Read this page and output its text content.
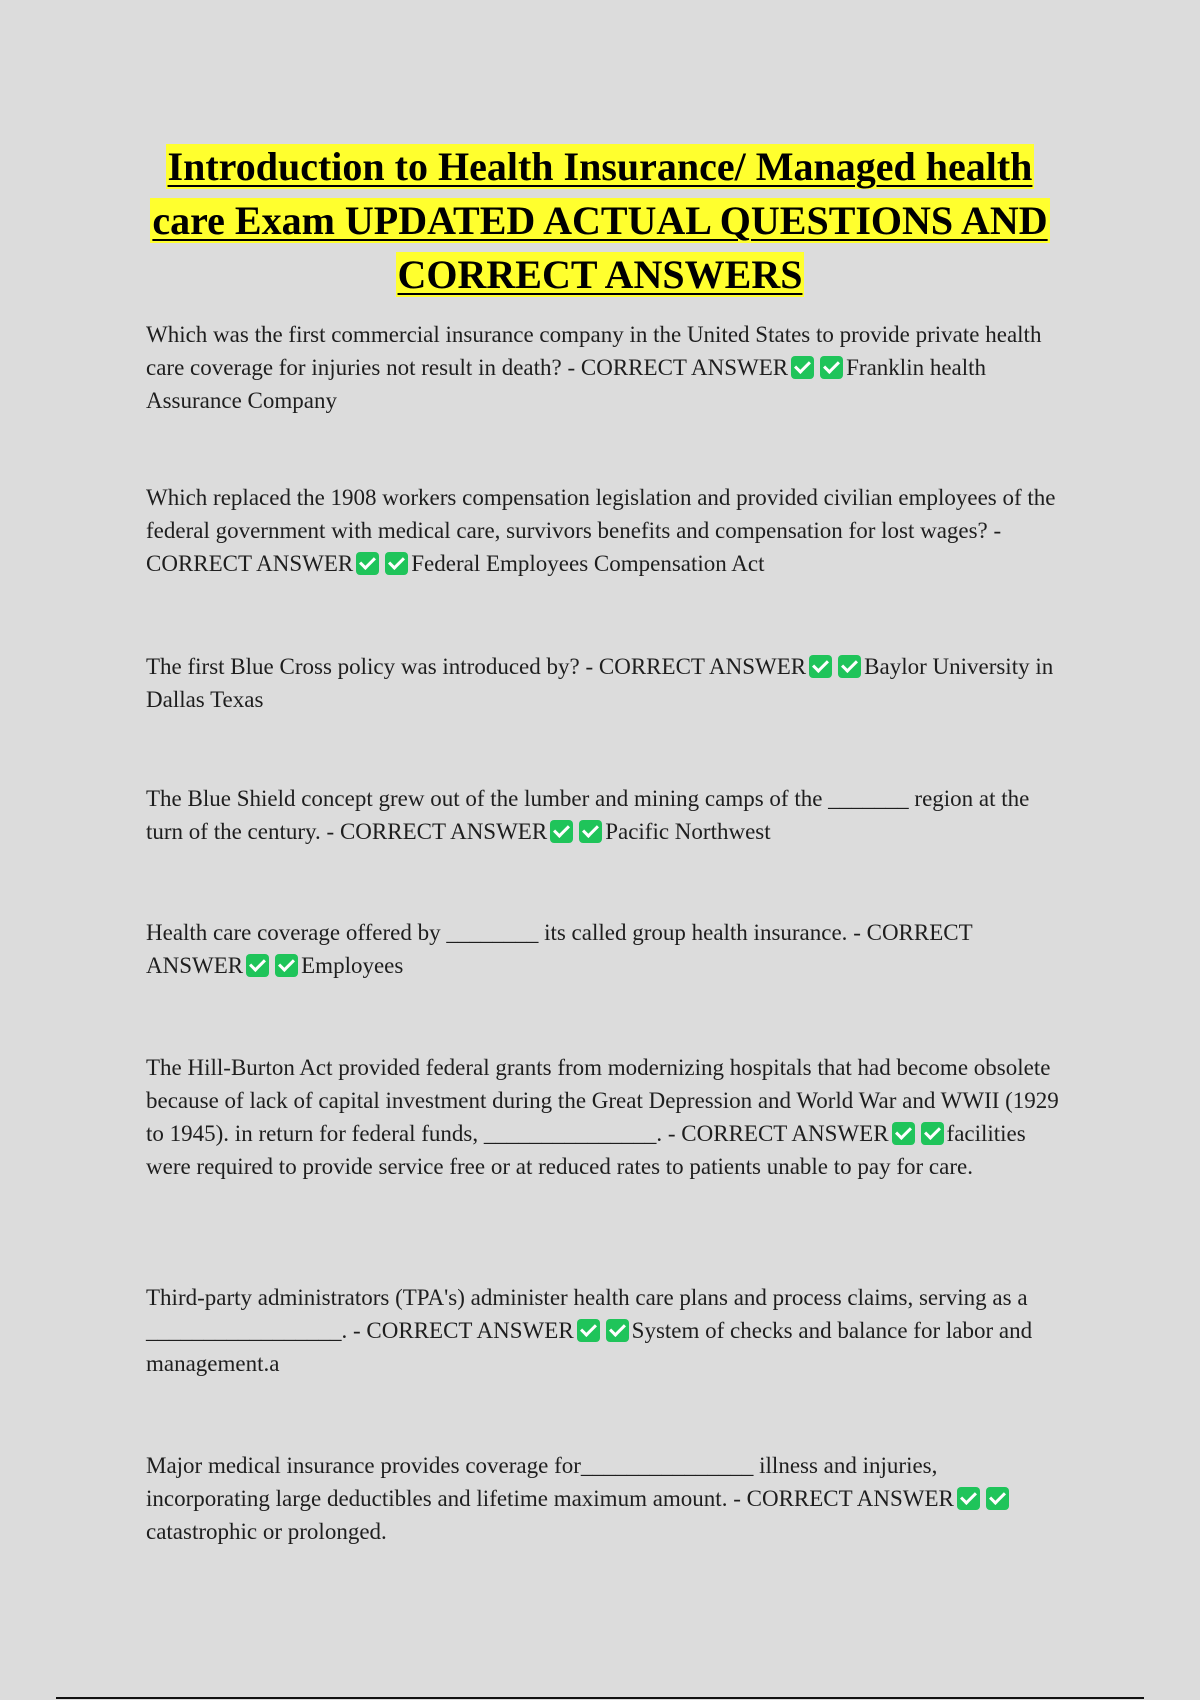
Introduction to Health Insurance/ Managed health
care Exam UPDATED ACTUAL QUESTIONS AND
CORRECT ANSWERS

Which was the first commercial insurance company in the United States to provide private health care coverage for injuries not result in death? - CORRECT ANSWER	Franklin health Assurance Company

Which replaced the 1908 workers compensation legislation and provided civilian employees of the federal government with medical care, survivors benefits and compensation for lost wages? - CORRECT ANSWER	Federal Employees Compensation Act

The first Blue Cross policy was introduced by? - CORRECT ANSWER	Baylor University in Dallas Texas

The Blue Shield concept grew out of the lumber and mining camps of the _______ region at the turn of the century. - CORRECT ANSWER	Pacific Northwest

Health care coverage offered by ________ its called group health insurance. - CORRECT ANSWER	Employees

The Hill-Burton Act provided federal grants from modernizing hospitals that had become obsolete because of lack of capital investment during the Great Depression and World War and WWII (1929 to 1945). in return for federal funds, _______________. - CORRECT ANSWER	facilities were required to provide service free or at reduced rates to patients unable to pay for care.

Third-party administrators (TPA's) administer health care plans and process claims, serving as a _________________. - CORRECT ANSWER	System of checks and balance for labor and management.a

Major medical insurance provides coverage for_______________ illness and injuries, incorporating large deductibles and lifetime maximum amount. - CORRECT ANSWERcatastrophic or prolonged.
